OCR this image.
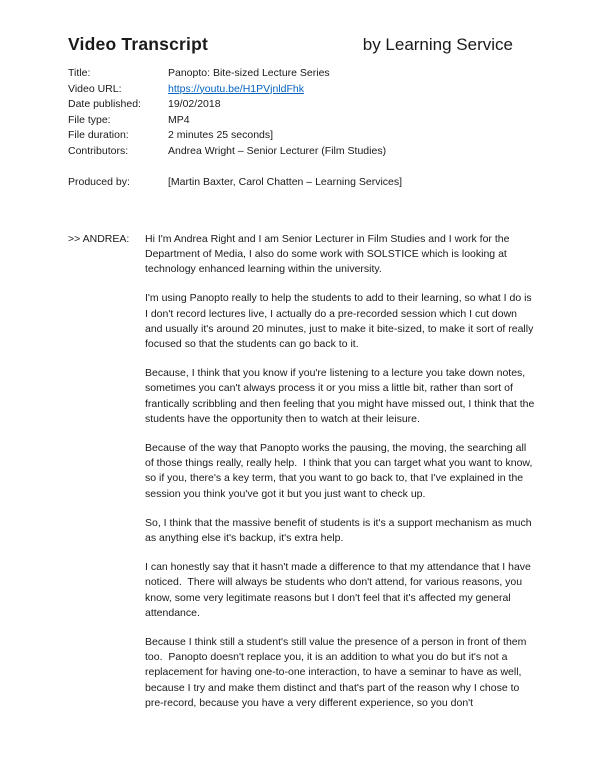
Video Transcript	by Learning Service
Title:	Panopto: Bite-sized Lecture Series
Video URL:	https://youtu.be/H1PVjnldFhk
Date published:	19/02/2018
File type:	MP4
File duration:	2 minutes 25 seconds]
Contributors:	Andrea Wright – Senior Lecturer (Film Studies)
Produced by:	[Martin Baxter, Carol Chatten – Learning Services]
>> ANDREA:	Hi I'm Andrea Right and I am Senior Lecturer in Film Studies and I work for the Department of Media, I also do some work with SOLSTICE which is looking at technology enhanced learning within the university.

I'm using Panopto really to help the students to add to their learning, so what I do is I don't record lectures live, I actually do a pre-recorded session which I cut down and usually it's around 20 minutes, just to make it bite-sized, to make it sort of really focused so that the students can go back to it.

Because, I think that you know if you're listening to a lecture you take down notes, sometimes you can't always process it or you miss a little bit, rather than sort of frantically scribbling and then feeling that you might have missed out, I think that the students have the opportunity then to watch at their leisure.

Because of the way that Panopto works the pausing, the moving, the searching all of those things really, really help.  I think that you can target what you want to know, so if you, there's a key term, that you want to go back to, that I've explained in the session you think you've got it but you just want to check up.

So, I think that the massive benefit of students is it's a support mechanism as much as anything else it's backup, it's extra help.

I can honestly say that it hasn't made a difference to that my attendance that I have noticed.  There will always be students who don't attend, for various reasons, you know, some very legitimate reasons but I don't feel that it's affected my general attendance.

Because I think still a student's still value the presence of a person in front of them too.  Panopto doesn't replace you, it is an addition to what you do but it's not a replacement for having one-to-one interaction, to have a seminar to have as well, because I try and make them distinct and that's part of the reason why I chose to pre-record, because you have a very different experience, so you don't
